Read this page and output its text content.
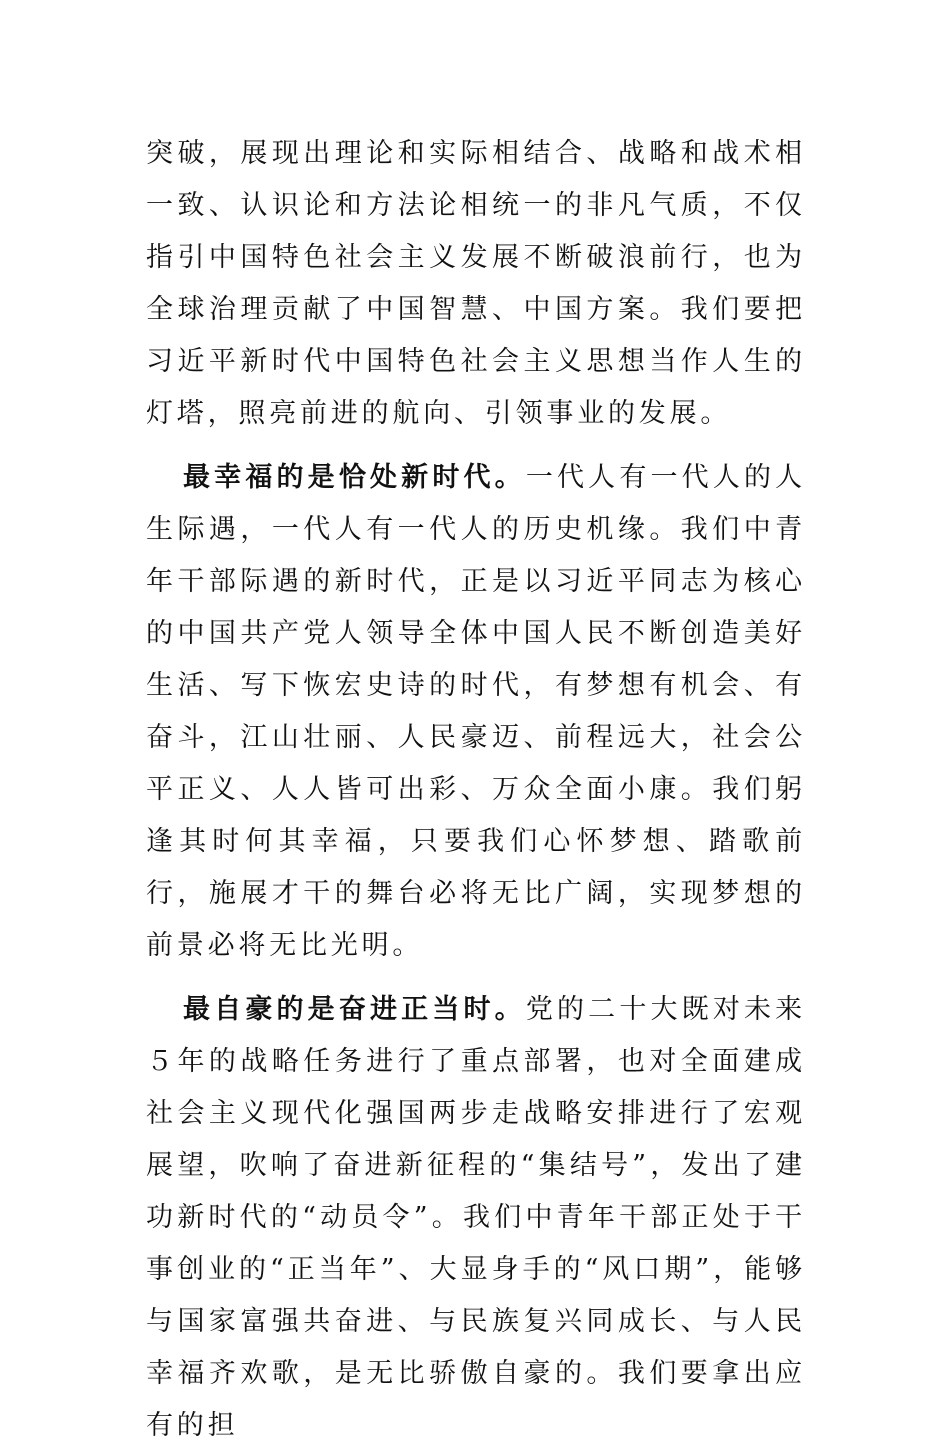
突破，展现出理论和实际相结合、战略和战术相一致、认识论和方法论相统一的非凡气质，不仅指引中国特色社会主义发展不断破浪前行，也为全球治理贡献了中国智慧、中国方案。我们要把习近平新时代中国特色社会主义思想当作人生的灯塔，照亮前进的航向、引领事业的发展。

最幸福的是恰处新时代。一代人有一代人的人生际遇，一代人有一代人的历史机缘。我们中青年干部际遇的新时代，正是以习近平同志为核心的中国共产党人领导全体中国人民不断创造美好生活、写下恢宏史诗的时代，有梦想有机会、有奋斗，江山壮丽、人民豪迈、前程远大，社会公平正义、人人皆可出彩、万众全面小康。我们躬逢其时何其幸福，只要我们心怀梦想、踏歌前行，施展才干的舞台必将无比广阔，实现梦想的前景必将无比光明。

最自豪的是奋进正当时。党的二十大既对未来５年的战略任务进行了重点部署，也对全面建成社会主义现代化强国两步走战略安排进行了宏观展望，吹响了奋进新征程的“集结号”，发出了建功新时代的“动员令”。我们中青年干部正处于干事创业的“正当年”、大显身手的“风口期”，能够与国家富强共奋进、与民族复兴同成长、与人民幸福齐欢歌，是无比骄傲自豪的。我们要拿出应有的担
